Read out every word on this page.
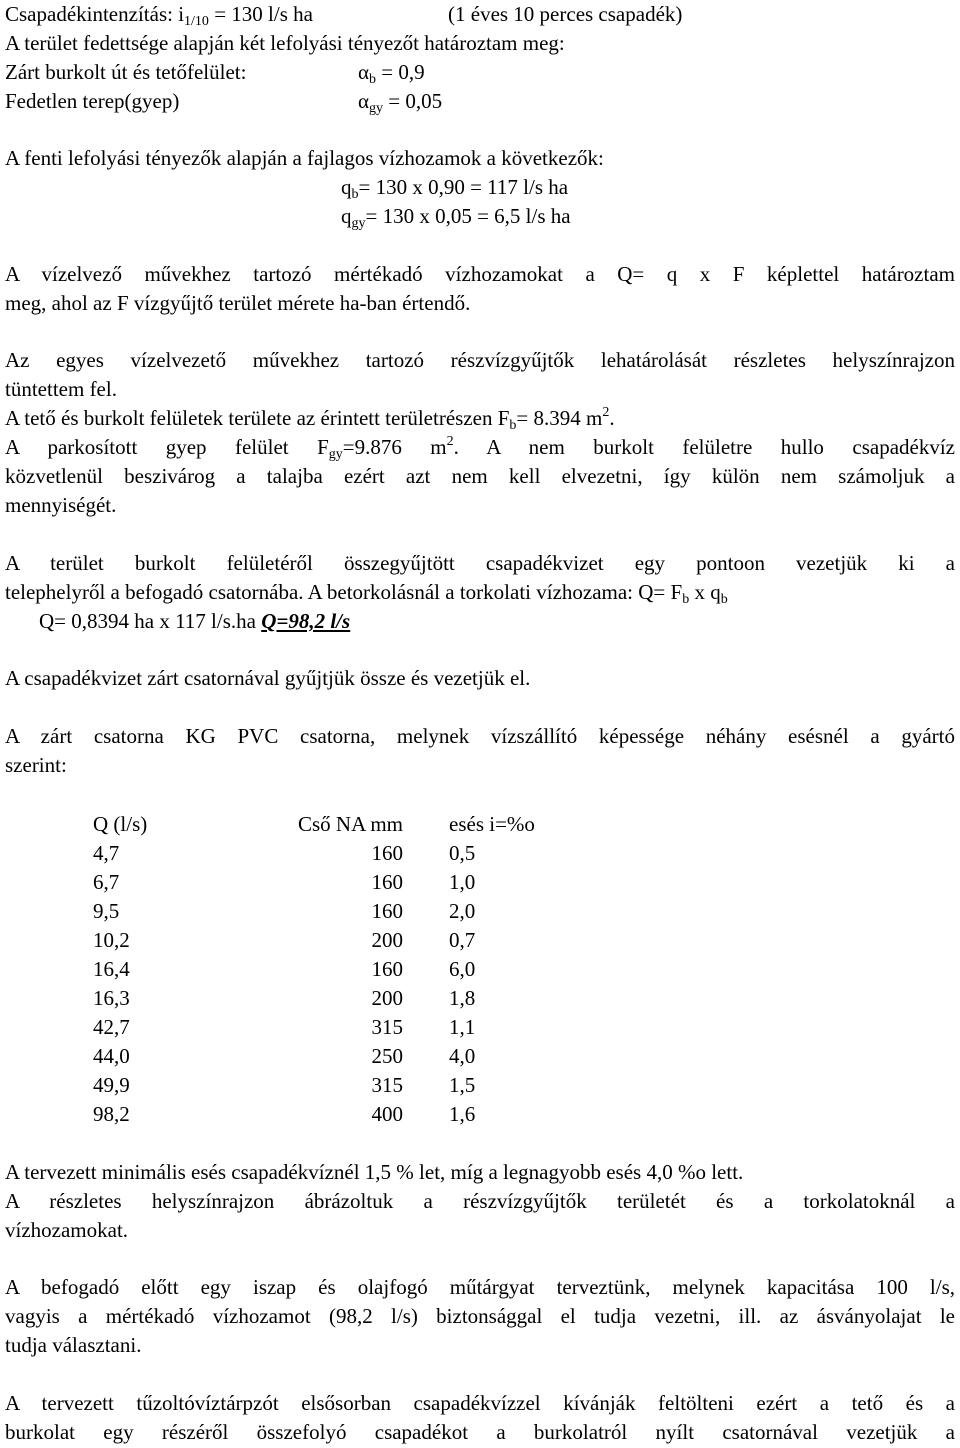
Csapadékintenzítás: $i_{1/10} = 130$ l/s ha	(1 éves 10 perces csapadék)
A terület fedettsége alapján két lefolyási tényezőt határoztam meg:
Zárt burkolt út és tetőfelület:	$\alpha_b = 0,9$
Fedetlen terep(gyep)	$\alpha_{gy} = 0,05$
A fenti lefolyási tényezők alapján a fajlagos vízhozamok a következők:
$q_b= 130$ x 0,90 = 117 l/s ha
$q_{gy}= 130$ x 0,05 = 6,5 l/s ha
A vízelvező művekhez tartozó mértékadó vízhozamokat a Q= q x F képlettel határoztam
meg, ahol az F vízgyűjtő terület mérete ha-ban értendő.
Az egyes vízelvezető művekhez tartozó részvízgyűjtők lehatárolását részletes helyszínrajzon
tüntettem fel.
A tető és burkolt felületek területe az érintett területrészen $F_b= 8.394$ $m^2$.
A parkosított gyep felület $F_{gy}=9.876$ $m^2$. A nem burkolt felületre hullo csapadékvíz
közvetlenül beszivárog a talajba ezért azt nem kell elvezetni, így külön nem számoljuk a
mennyiségét.
A terület burkolt felületéről összegyűjtött csapadékvizet egy pontoon vezetjük ki a
telephelyről a befogadó csatornába. A betorkolásnál a torkolati vízhozama: $Q= F_b$ x $q_b$
Q= 0,8394 ha x 117 l/s.ha Q=98,2 l/s
A csapadékvizet zárt csatornával gyűjtjük össze és vezetjük el.
A zárt csatorna KG PVC csatorna, melynek vízszállító képessége néhány esésnél a gyártó
szerint:
Q (l/s)	Cső NA mm	esés i=%o
4,7	160	0,5
6,7	160	1,0
9,5	160	2,0
10,2	200	0,7
16,4	160	6,0
16,3	200	1,8
42,7	315	1,1
44,0	250	4,0
49,9	315	1,5
98,2	400	1,6
A tervezett minimális esés csapadékvíznél 1,5 % let, míg a legnagyobb esés 4,0 %o lett.
A részletes helyszínrajzon ábrázoltuk a részvízgyűjtők területét és a torkolatoknál a
vízhozamokat.
A befogadó előtt egy iszap és olajfogó műtárgyat terveztünk, melynek kapacitása 100 l/s,
vagyis a mértékadó vízhozamot (98,2 l/s) biztonsággal el tudja vezetni, ill. az ásványolajat le
tudja választani.
A tervezett tűzoltóvíztárpzót elsősorban csapadékvízzel kívánják feltölteni ezért a tető és a
burkolat egy részéről összefolyó csapadékot a burkolatról nyílt csatornával vezetjük a
